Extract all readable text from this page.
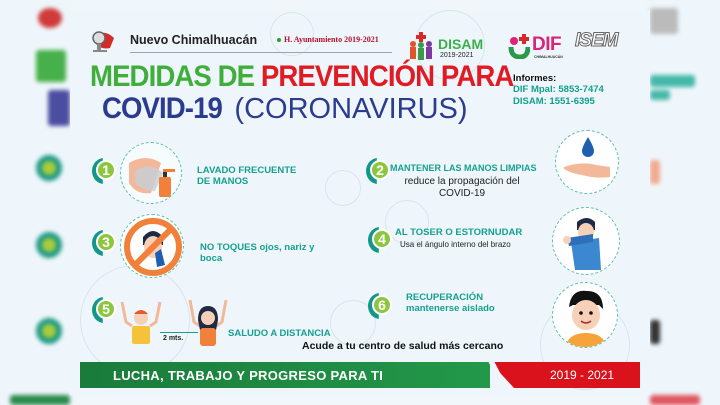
Nuevo Chimalhuacán	H. Ayuntamiento 2019-2021	DISAM
2019-2021
DIF
CHIMALHUACÁN
ISEM
MEDIDAS DE PREVENCIÓN PARA
COVID-19 (CORONAVIRUS)
Informes:
DIF Mpal: 5853-7474
DISAM: 1551-6395
1	LAVADO FRECUENTE
DE MANOS
2 MANTENER LAS MANOS LIMPIAS
reduce la propagación del
COVID-19
3	NO TOQUES ojos, nariz y
boca
4 AL TOSER O ESTORNUDAR
Usa el ángulo interno del brazo
5
2 mts.	SALUDO A DISTANCIA
6	RECUPERACIÓN
mantenerse aislado
Acude a tu centro de salud más cercano
LUCHA, TRABAJO Y PROGRESO PARA TI	2019 - 2021
